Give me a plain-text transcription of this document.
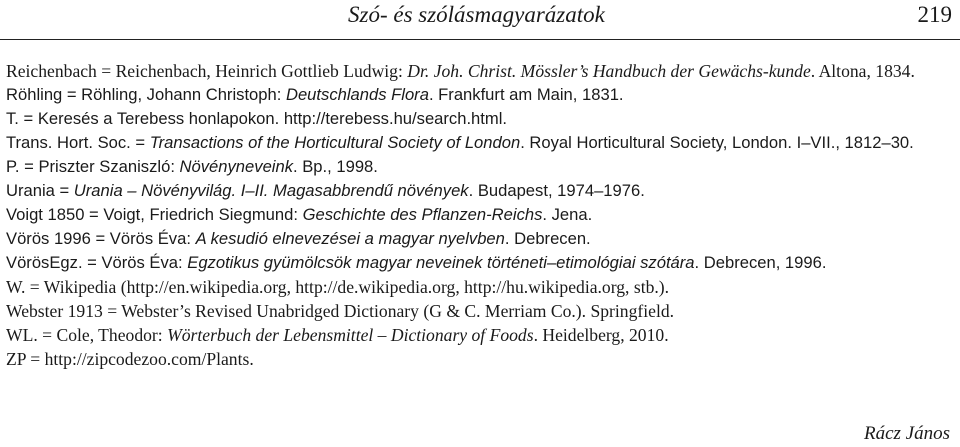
Szó- és szólásmagyarázatok	219
Reichenbach = Reichenbach, Heinrich Gottlieb Ludwig: Dr. Joh. Christ. Mössler’s Handbuch der Gewächs-kunde. Altona, 1834.
Röhling = Röhling, Johann Christoph: Deutschlands Flora. Frankfurt am Main, 1831.
T. = Keresés a Terebess honlapokon. http://terebess.hu/search.html.
Trans. Hort. Soc. = Transactions of the Horticultural Society of London. Royal Horticultural Society, London. I–VII., 1812–30.
P. = Priszter Szaniszló: Növényneveink. Bp., 1998.
Urania = Urania – Növényvilág. I–II. Magasabbrendű növények. Budapest, 1974–1976.
Voigt 1850 = Voigt, Friedrich Siegmund: Geschichte des Pflanzen-Reichs. Jena.
Vörös 1996 = Vörös Éva: A kesudió elnevezései a magyar nyelvben. Debrecen.
VörösEgz. = Vörös Éva: Egzotikus gyümölcsök magyar neveinek történeti–etimológiai szótára. Debrecen, 1996.
W. = Wikipedia (http://en.wikipedia.org, http://de.wikipedia.org, http://hu.wikipedia.org, stb.).
Webster 1913 = Webster’s Revised Unabridged Dictionary (G & C. Merriam Co.). Springfield.
WL. = Cole, Theodor: Wörterbuch der Lebensmittel – Dictionary of Foods. Heidelberg, 2010.
ZP = http://zipcodezoo.com/Plants.
Rácz János
